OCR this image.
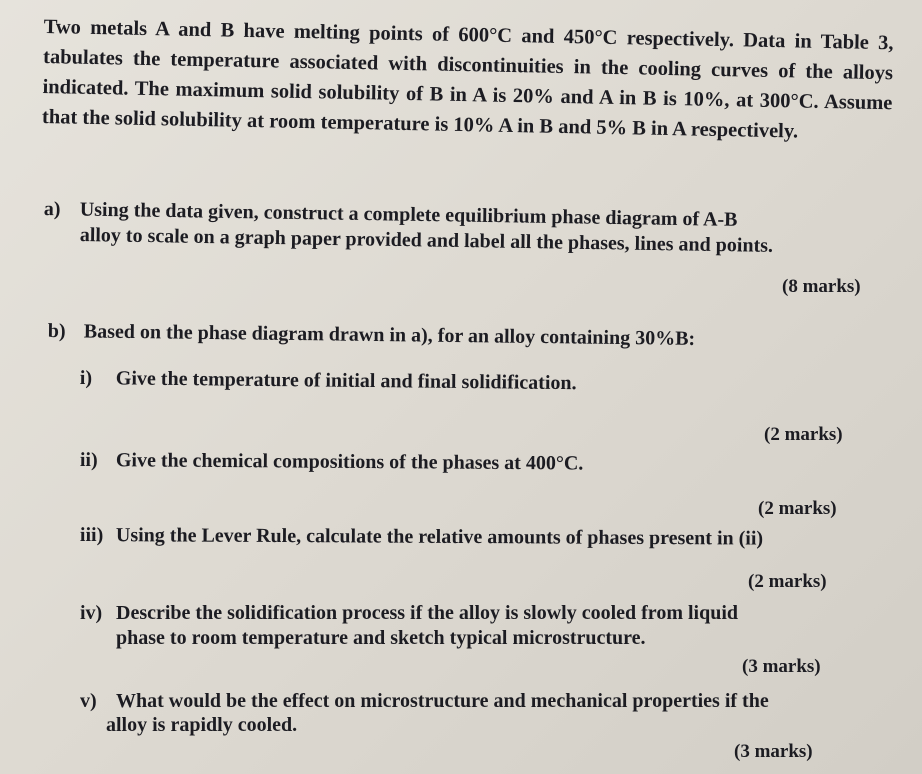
Two metals A and B have melting points of 600°C and 450°C respectively. Data in Table 3, tabulates the temperature associated with discontinuities in the cooling curves of the alloys indicated. The maximum solid solubility of B in A is 20% and A in B is 10%, at 300°C. Assume that the solid solubility at room temperature is 10% A in B and 5% B in A respectively.
a) Using the data given, construct a complete equilibrium phase diagram of A-B
alloy to scale on a graph paper provided and label all the phases, lines and points.
(8 marks)
b) Based on the phase diagram drawn in a), for an alloy containing 30%B:
i) Give the temperature of initial and final solidification.
(2 marks)
ii) Give the chemical compositions of the phases at 400°C.
(2 marks)
iii) Using the Lever Rule, calculate the relative amounts of phases present in (ii)
(2 marks)
iv) Describe the solidification process if the alloy is slowly cooled from liquid
phase to room temperature and sketch typical microstructure.
(3 marks)
v) What would be the effect on microstructure and mechanical properties if the
alloy is rapidly cooled.
(3 marks)
